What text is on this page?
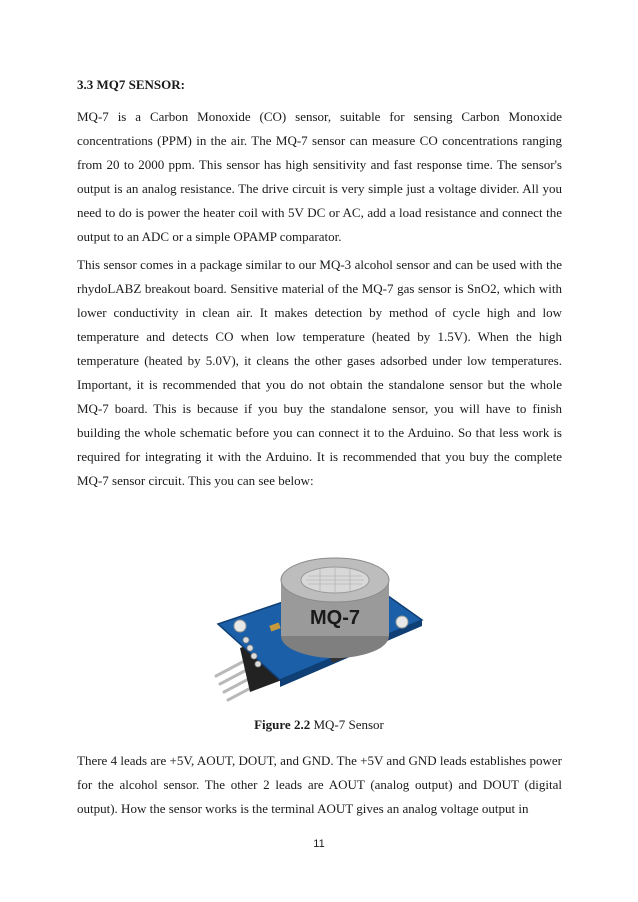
3.3 MQ7 SENSOR:

MQ-7 is a Carbon Monoxide (CO) sensor, suitable for sensing Carbon Monoxide concentrations (PPM) in the air. The MQ-7 sensor can measure CO concentrations ranging from 20 to 2000 ppm. This sensor has high sensitivity and fast response time. The sensor's output is an analog resistance. The drive circuit is very simple just a voltage divider. All you need to do is power the heater coil with 5V DC or AC, add a load resistance and connect the output to an ADC or a simple OPAMP comparator.

This sensor comes in a package similar to our MQ-3 alcohol sensor and can be used with the rhydoLABZ breakout board. Sensitive material of the MQ-7 gas sensor is SnO2, which with lower conductivity in clean air. It makes detection by method of cycle high and low temperature and detects CO when low temperature (heated by 1.5V). When the high temperature (heated by 5.0V), it cleans the other gases adsorbed under low temperatures. Important, it is recommended that you do not obtain the standalone sensor but the whole MQ-7 board. This is because if you buy the standalone sensor, you will have to finish building the whole schematic before you can connect it to the Arduino. So that less work is required for integrating it with the Arduino. It is recommended that you buy the complete MQ-7 sensor circuit. This you can see below:

MQ-7
Figure 2.2 MQ-7 Sensor

There 4 leads are +5V, AOUT, DOUT, and GND. The +5V and GND leads establishes power for the alcohol sensor. The other 2 leads are AOUT (analog output) and DOUT (digital output). How the sensor works is the terminal AOUT gives an analog voltage output in

11
